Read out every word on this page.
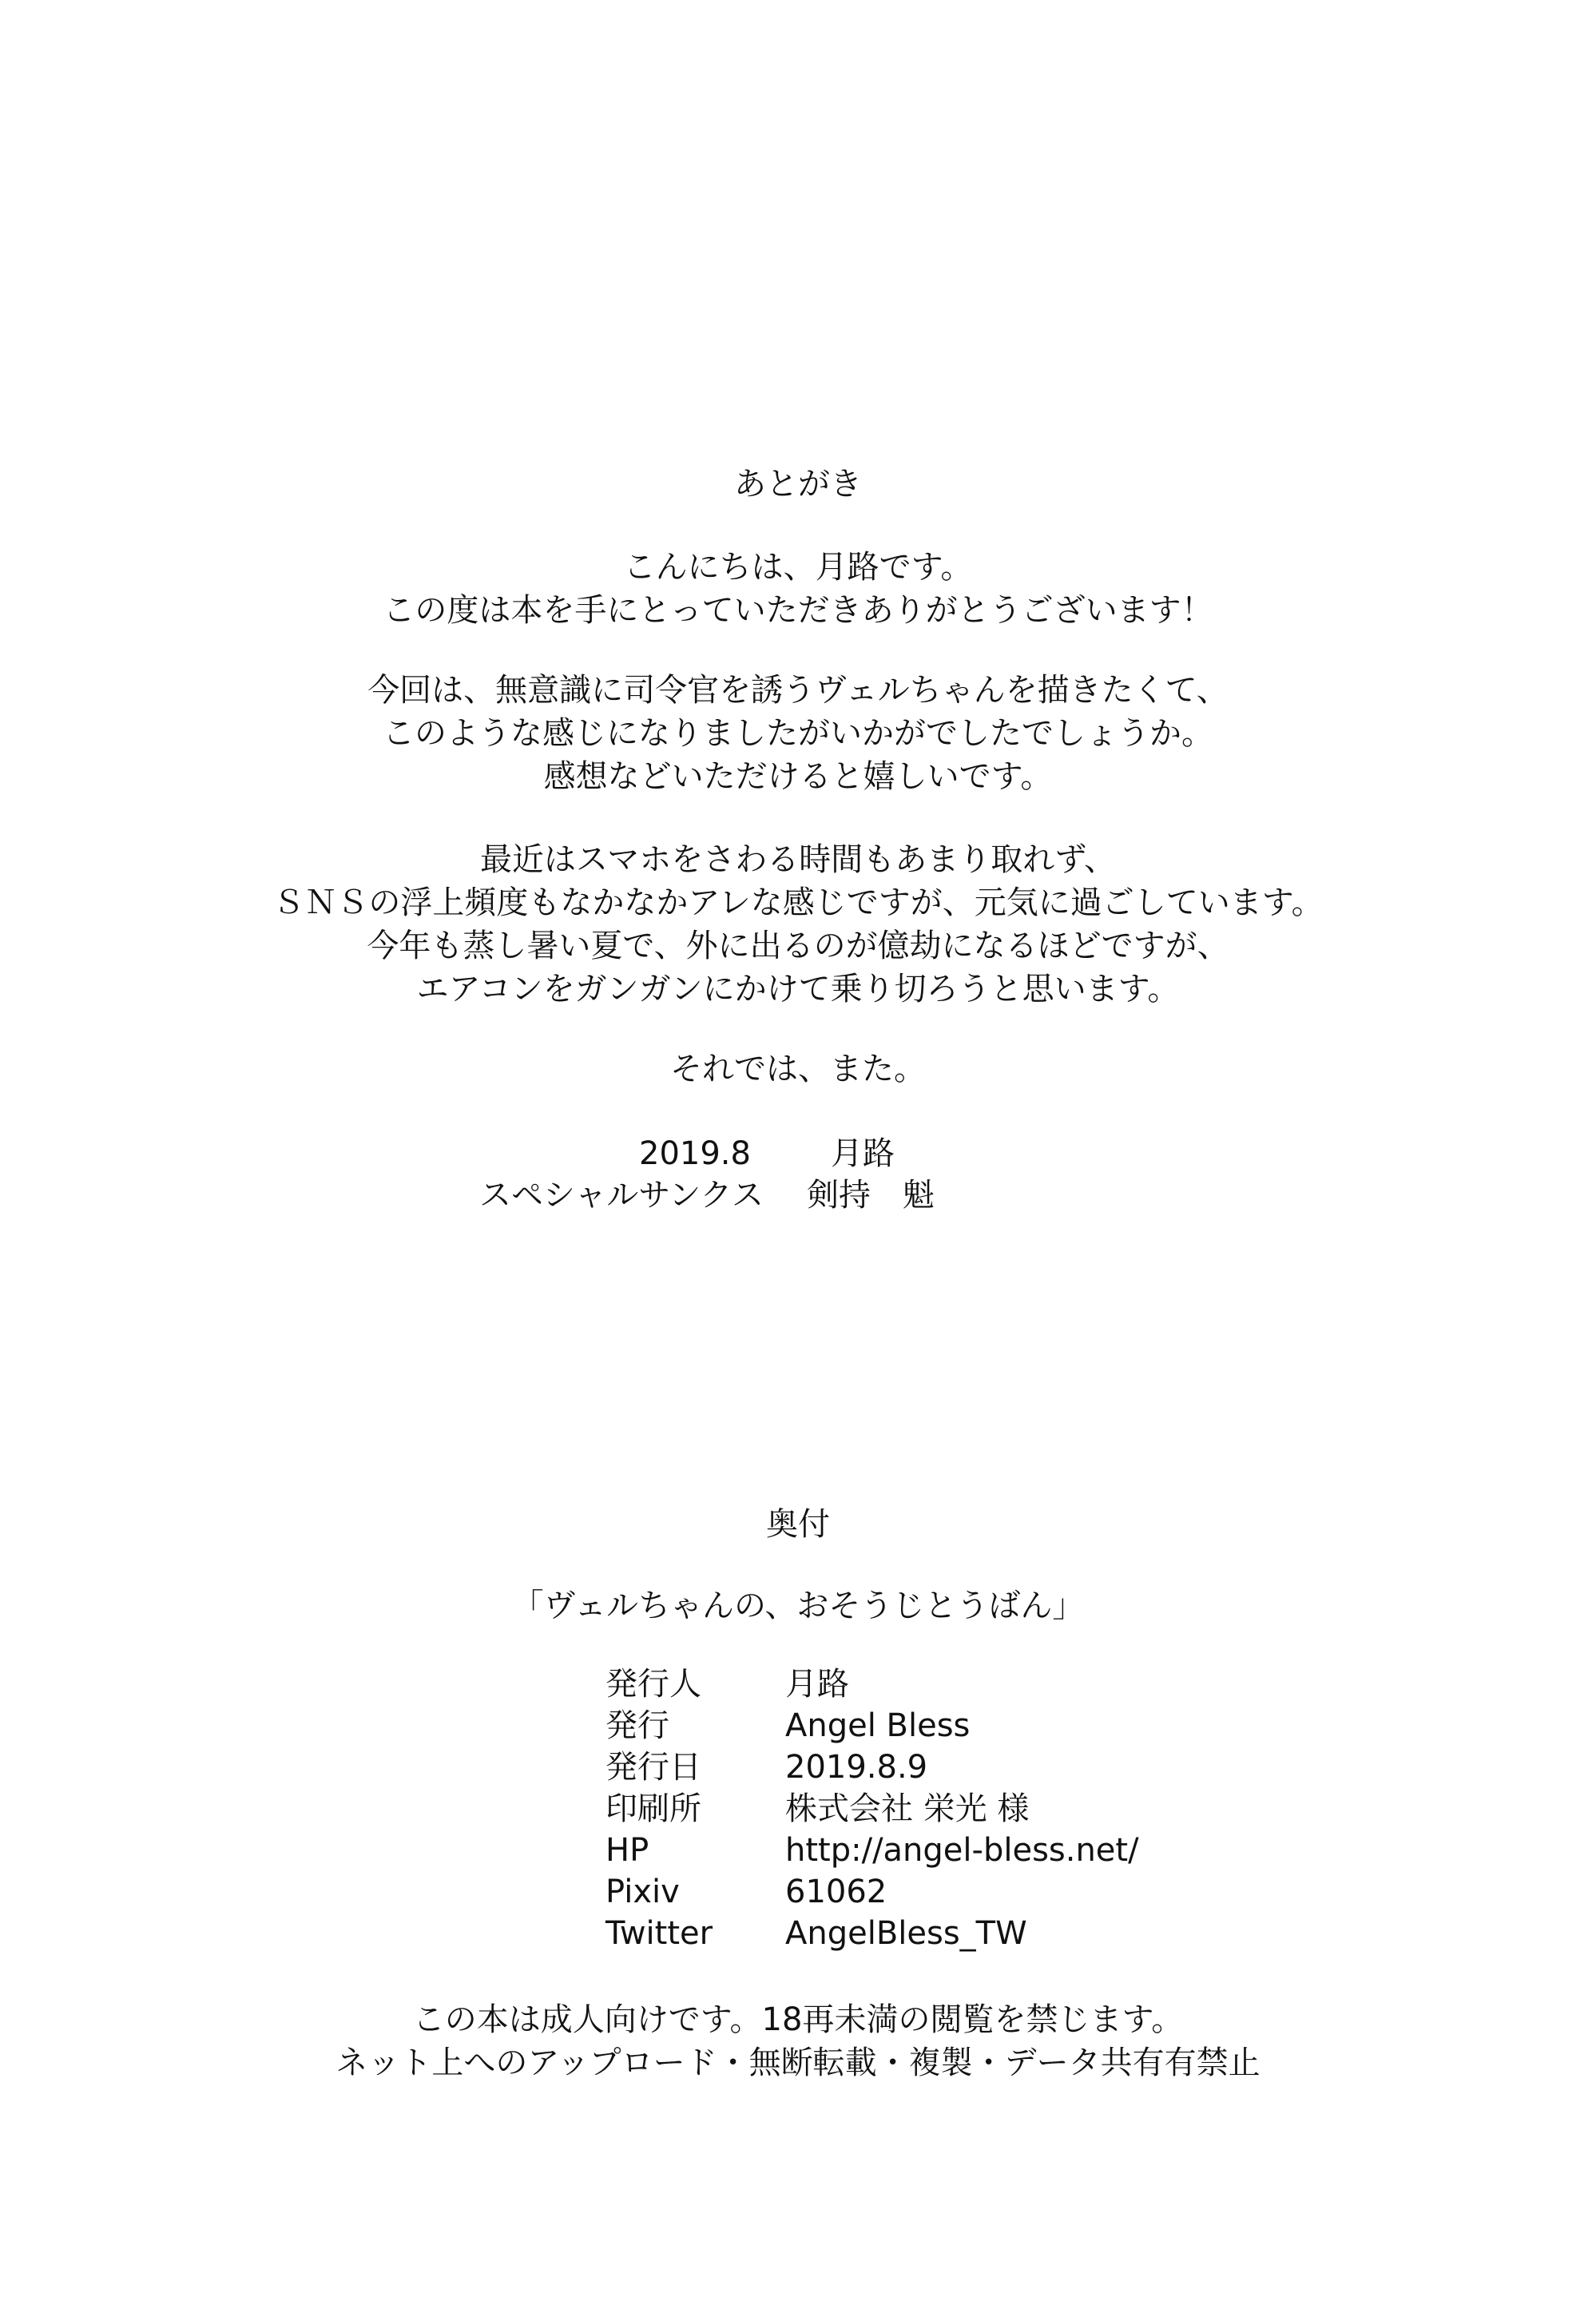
あとがき
こんにちは、月路です。
この度は本を手にとっていただきありがとうございます！
今回は、無意識に司令官を誘うヴェルちゃんを描きたくて、
このような感じになりましたがいかがでしたでしょうか。
感想などいただけると嬉しいです。
最近はスマホをさわる時間もあまり取れず、
ＳＮＳの浮上頻度もなかなかアレな感じですが、元気に過ごしています。
今年も蒸し暑い夏で、外に出るのが億劫になるほどですが、
エアコンをガンガンにかけて乗り切ろうと思います。
それでは、また。
2019.8	月路
スペシャルサンクス 剣持　魁
奥付
「ヴェルちゃんの、おそうじとうばん」
発行人	月路
発行	Angel Bless
発行日	2019.8.9
印刷所	株式会社 栄光 様
HP	http://angel-bless.net/
Pixiv	61062
Twitter AngelBless_TW
この本は成人向けです。18再未満の閲覧を禁じます。
ネット上へのアップロード・無断転載・複製・データ共有有禁止
